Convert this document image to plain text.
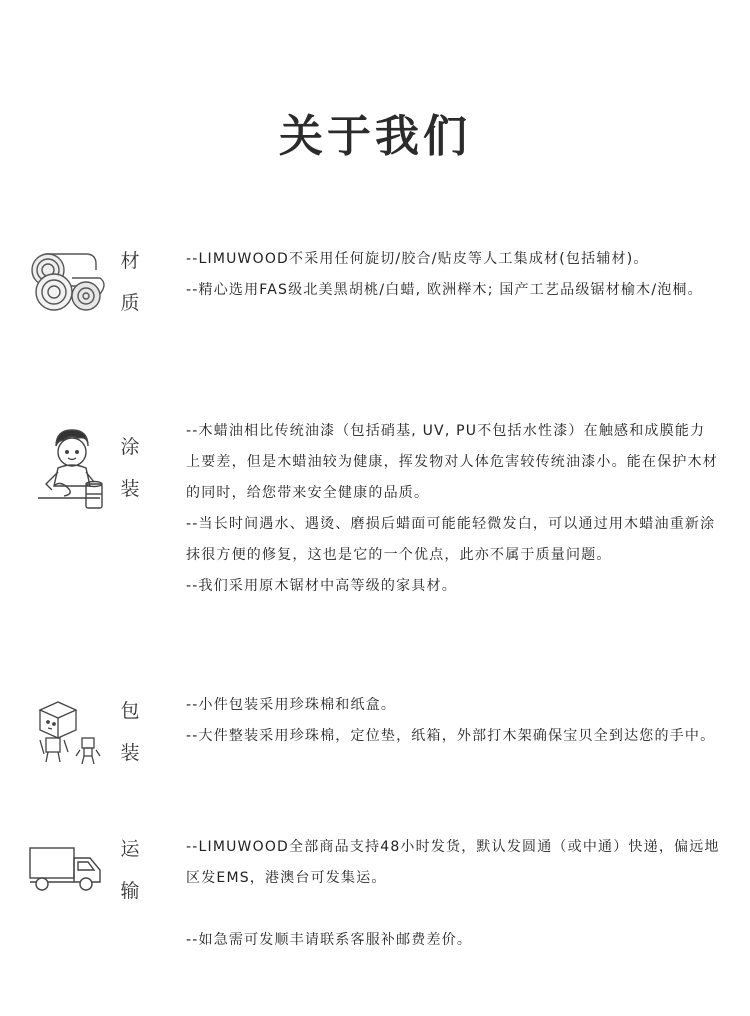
关于我们
材
质

--LIMUWOOD不采用任何旋切/胶合/贴皮等人工集成材(包括辅材)。

--精心选用FAS级北美黑胡桃/白蜡, 欧洲榉木; 国产工艺品级锯材榆木/泡桐。

涂
装

--木蜡油相比传统油漆（包括硝基, UV, PU不包括水性漆）在触感和成膜能力上要差，但是木蜡油较为健康，挥发物对人体危害较传统油漆小。能在保护木材的同时，给您带来安全健康的品质。

--当长时间遇水、遇烫、磨损后蜡面可能能轻微发白，可以通过用木蜡油重新涂抹很方便的修复，这也是它的一个优点，此亦不属于质量问题。

--我们采用原木锯材中高等级的家具材。

包
装

--小件包装采用珍珠棉和纸盒。

--大件整装采用珍珠棉，定位垫，纸箱，外部打木架确保宝贝全到达您的手中。

运
输

--LIMUWOOD全部商品支持48小时发货，默认发圆通（或中通）快递，偏远地区发EMS，港澳台可发集运。

--如急需可发顺丰请联系客服补邮费差价。
